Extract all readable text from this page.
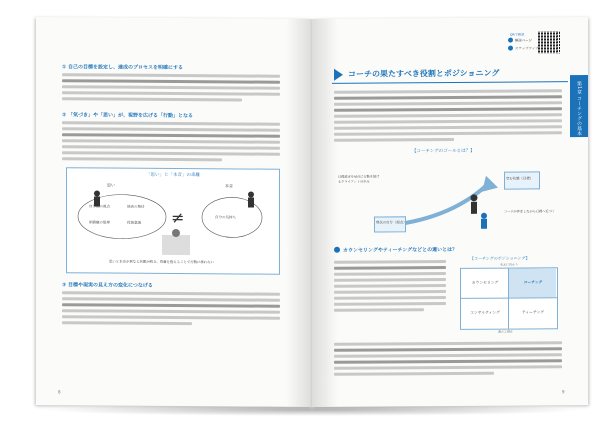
① 自己の目標を設定し、達成のプロセスを明確にする
② 「気づき」や「思い」が、視野を広げる「行動」となる
「思い」と「本音」の乖離
思い	本音
≠
自分軸の視点	他者の期待
価値観の整理	役割意識
自分の気持ち
思いと本音が異なる状態が続き、葛藤を抱えることで行動に移れない
③ 目標や現実の見え方の変化につなげる
8
QRで確認
解説ページ
ステップアップ
第1章 コーチングの基本
コーチの果たすべき役割とポジショニング
【コーチングのゴールとは？】
現状の自分（起点）
望む状態（目標）
目標設定を基点に行動を続けるクライアントの歩み
コーチが伴走しながら目標へ近づく
カウンセリングやティーチングなどとの違いとは？
【コーチングのポジショニング】
未来に向かう
カウンセリング	コーチング
コンサルティング	ティーチング
過去と現在
9
